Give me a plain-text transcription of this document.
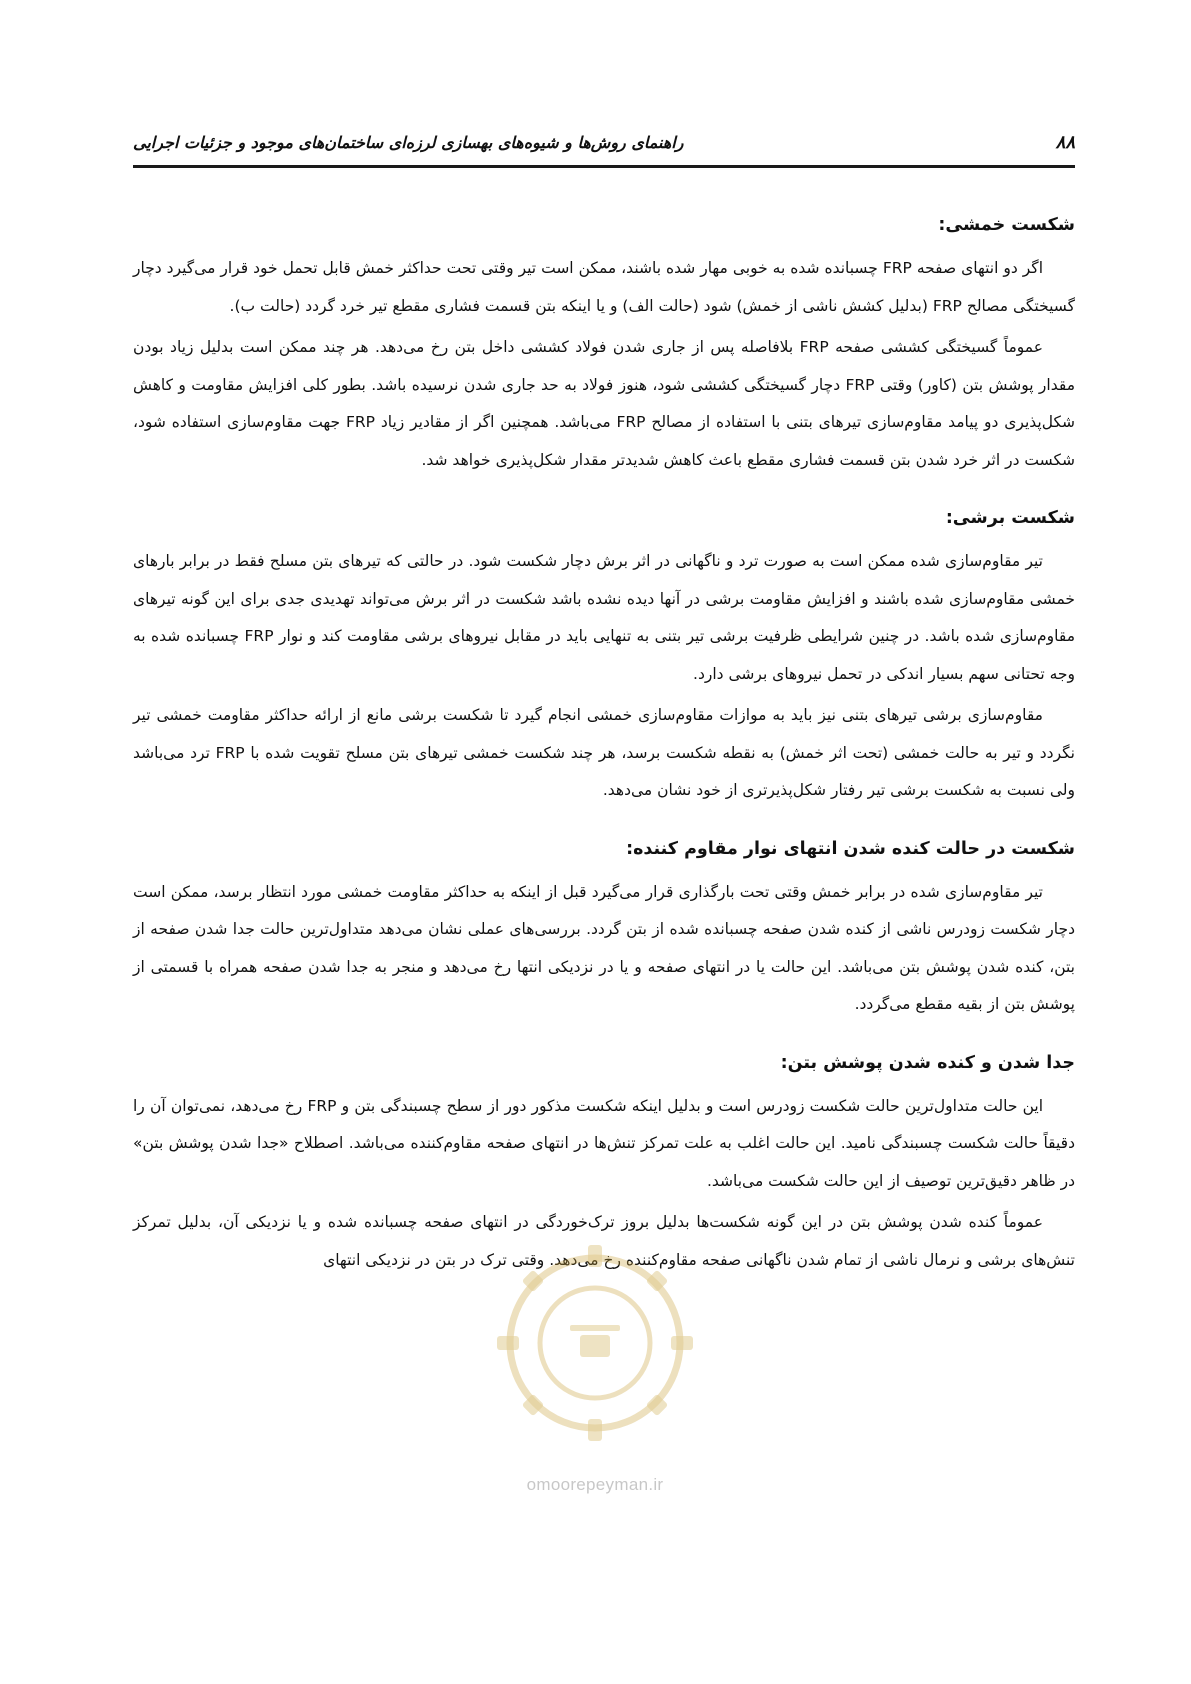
۸۸
راهنمای روش‌ها و شیوه‌های بهسازی لرزه‌ای ساختمان‌های موجود و جزئیات اجرایی
شکست خمشی:

اگر دو انتهای صفحه FRP چسبانده شده به خوبی مهار شده باشند، ممکن است تیر وقتی تحت حداکثر خمش قابل تحمل خود قرار می‌گیرد دچار گسیختگی مصالح FRP (بدلیل کشش ناشی از خمش) شود (حالت الف) و یا اینکه بتن قسمت فشاری مقطع تیر خرد گردد (حالت ب).

عموماً گسیختگی کششی صفحه FRP بلافاصله پس از جاری شدن فولاد کششی داخل بتن رخ می‌دهد. هر چند ممکن است بدلیل زیاد بودن مقدار پوشش بتن (کاور) وقتی FRP دچار گسیختگی کششی شود، هنوز فولاد به حد جاری شدن نرسیده باشد. بطور کلی افزایش مقاومت و کاهش شکل‌پذیری دو پیامد مقاوم‌سازی تیرهای بتنی با استفاده از مصالح FRP می‌باشد. همچنین اگر از مقادیر زیاد FRP جهت مقاوم‌سازی استفاده شود، شکست در اثر خرد شدن بتن قسمت فشاری مقطع باعث کاهش شدیدتر مقدار شکل‌پذیری خواهد شد.

شکست برشی:

تیر مقاوم‌سازی شده ممکن است به صورت ترد و ناگهانی در اثر برش دچار شکست شود. در حالتی که تیرهای بتن مسلح فقط در برابر بارهای خمشی مقاوم‌سازی شده باشند و افزایش مقاومت برشی در آنها دیده نشده باشد شکست در اثر برش می‌تواند تهدیدی جدی برای این گونه تیرهای مقاوم‌سازی شده باشد. در چنین شرایطی ظرفیت برشی تیر بتنی به تنهایی باید در مقابل نیروهای برشی مقاومت کند و نوار FRP چسبانده شده به وجه تحتانی سهم بسیار اندکی در تحمل نیروهای برشی دارد.

مقاوم‌سازی برشی تیرهای بتنی نیز باید به موازات مقاوم‌سازی خمشی انجام گیرد تا شکست برشی مانع از ارائه حداکثر مقاومت خمشی تیر نگردد و تیر به حالت خمشی (تحت اثر خمش) به نقطه شکست برسد، هر چند شکست خمشی تیرهای بتن مسلح تقویت شده با FRP ترد می‌باشد ولی نسبت به شکست برشی تیر رفتار شکل‌پذیرتری از خود نشان می‌دهد.

شکست در حالت کنده شدن انتهای نوار مقاوم کننده:

تیر مقاوم‌سازی شده در برابر خمش وقتی تحت بارگذاری قرار می‌گیرد قبل از اینکه به حداکثر مقاومت خمشی مورد انتظار برسد، ممکن است دچار شکست زودرس ناشی از کنده شدن صفحه چسبانده شده از بتن گردد. بررسی‌های عملی نشان می‌دهد متداول‌ترین حالت جدا شدن صفحه از بتن، کنده شدن پوشش بتن می‌باشد. این حالت یا در انتهای صفحه و یا در نزدیکی انتها رخ می‌دهد و منجر به جدا شدن صفحه همراه با قسمتی از پوشش بتن از بقیه مقطع می‌گردد.

جدا شدن و کنده شدن پوشش بتن:

این حالت متداول‌ترین حالت شکست زودرس است و بدلیل اینکه شکست مذکور دور از سطح چسبندگی بتن و FRP رخ می‌دهد، نمی‌توان آن را دقیقاً حالت شکست چسبندگی نامید. این حالت اغلب به علت تمرکز تنش‌ها در انتهای صفحه مقاوم‌کننده می‌باشد. اصطلاح «جدا شدن پوشش بتن» در ظاهر دقیق‌ترین توصیف از این حالت شکست می‌باشد.

عموماً کنده شدن پوشش بتن در این گونه شکست‌ها بدلیل بروز ترک‌خوردگی در انتهای صفحه چسبانده شده و یا نزدیکی آن، بدلیل تمرکز تنش‌های برشی و نرمال ناشی از تمام شدن ناگهانی صفحه مقاوم‌کننده رخ می‌دهد. وقتی ترک در بتن در نزدیکی انتهای

omoorepeyman.ir
